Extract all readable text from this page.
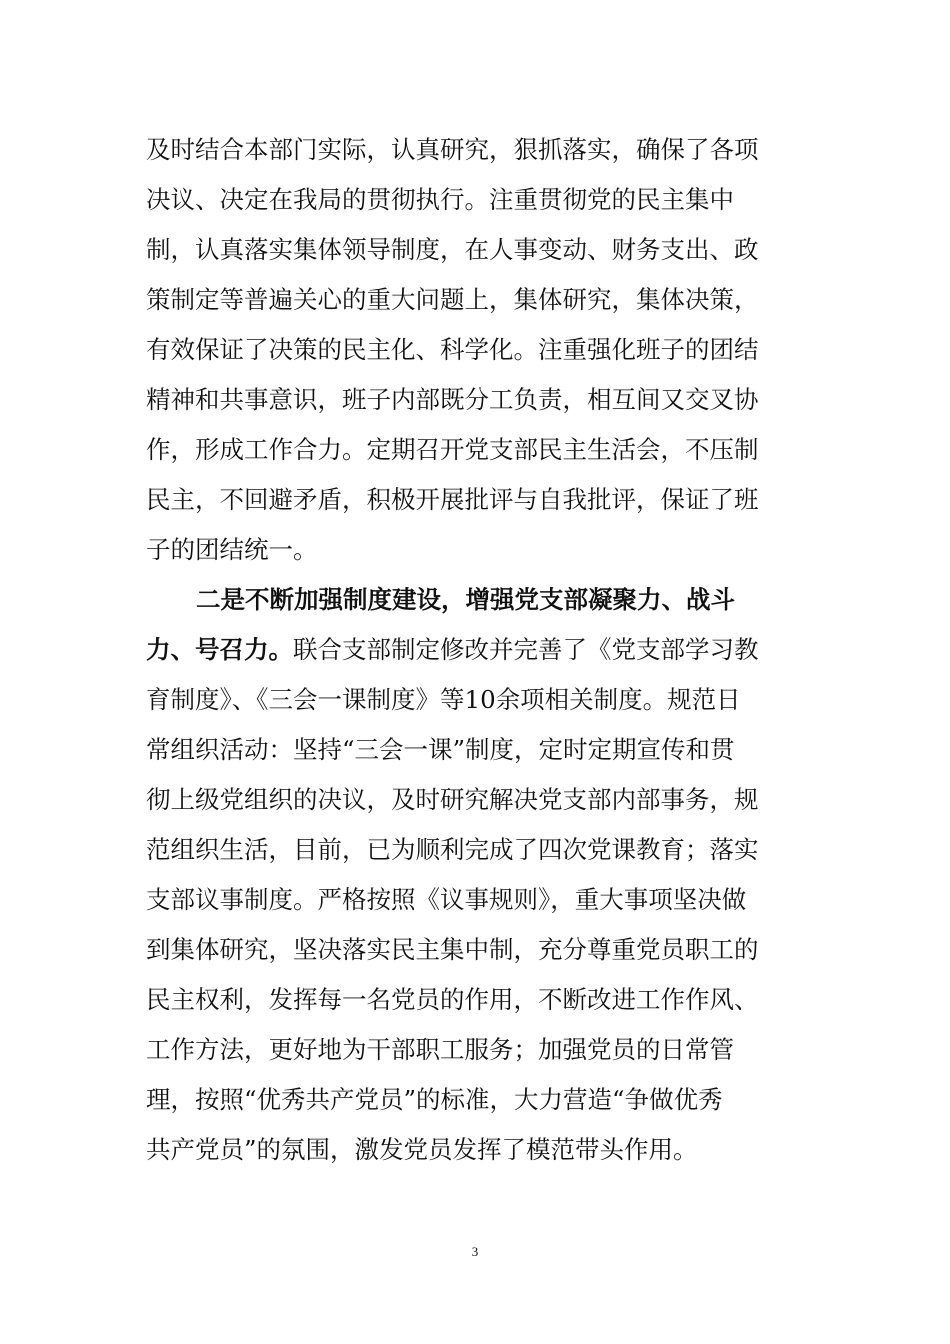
及时结合本部门实际，认真研究，狠抓落实，确保了各项
决议、决定在我局的贯彻执行。注重贯彻党的民主集中
制，认真落实集体领导制度，在人事变动、财务支出、政
策制定等普遍关心的重大问题上，集体研究，集体决策，
有效保证了决策的民主化、科学化。注重强化班子的团结
精神和共事意识，班子内部既分工负责，相互间又交叉协
作，形成工作合力。定期召开党支部民主生活会，不压制
民主，不回避矛盾，积极开展批评与自我批评，保证了班
子的团结统一。
二是不断加强制度建设，增强党支部凝聚力、战斗
力、号召力。联合支部制定修改并完善了《党支部学习教
育制度》、《三会一课制度》等10余项相关制度。规范日
常组织活动：坚持“三会一课”制度，定时定期宣传和贯
彻上级党组织的决议，及时研究解决党支部内部事务，规
范组织生活，目前，已为顺利完成了四次党课教育；落实
支部议事制度。严格按照《议事规则》，重大事项坚决做
到集体研究，坚决落实民主集中制，充分尊重党员职工的
民主权利，发挥每一名党员的作用，不断改进工作作风、
工作方法，更好地为干部职工服务；加强党员的日常管
理，按照“优秀共产党员”的标准，大力营造“争做优秀
共产党员”的氛围，激发党员发挥了模范带头作用。
3
